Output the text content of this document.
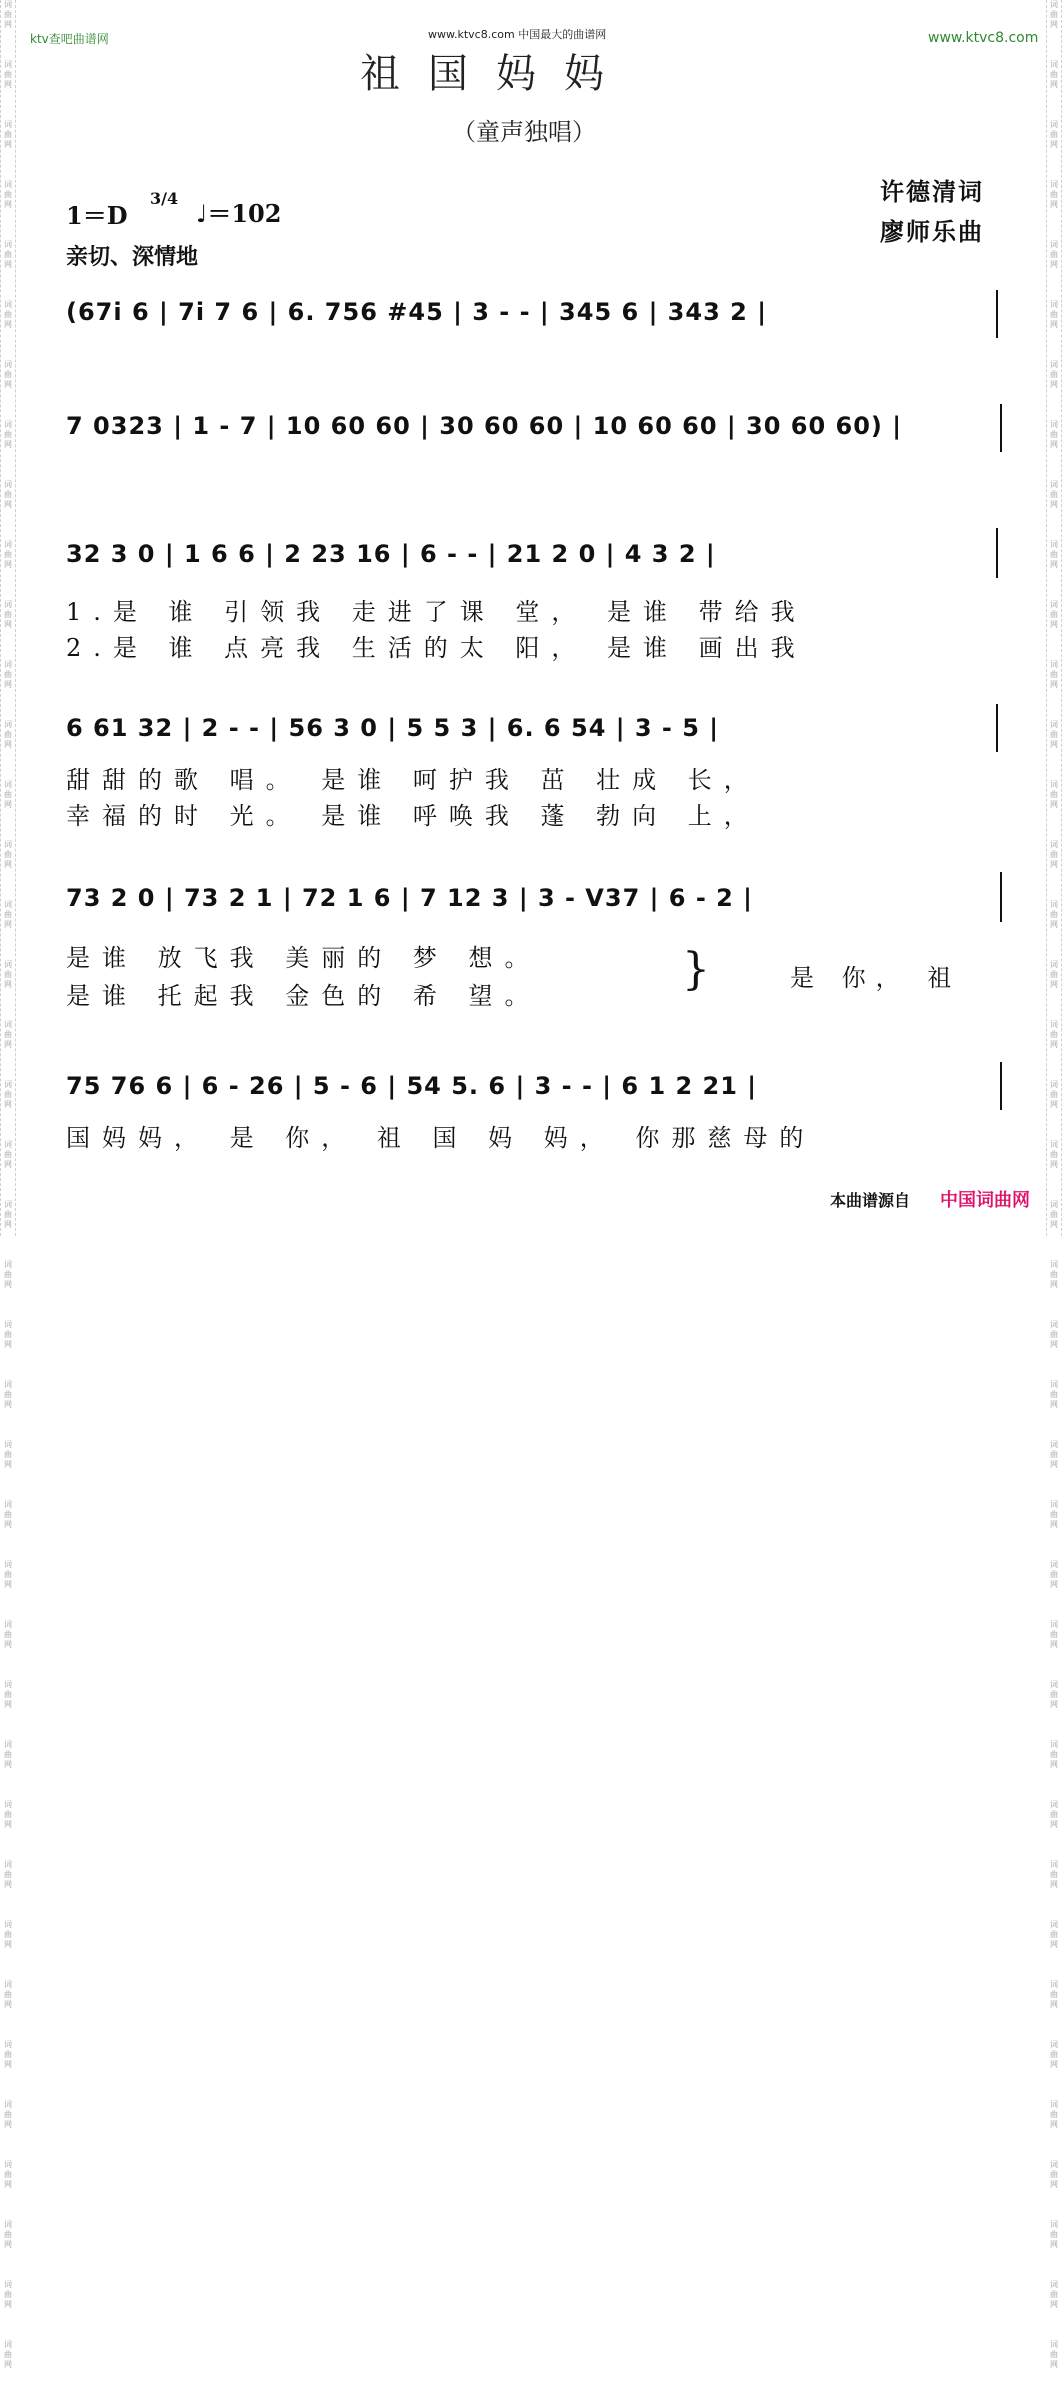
词
曲
网
词
曲
网
词
曲
网
词
曲
网
词
曲
网
词
曲
网
词
曲
网
词
曲
网
词
曲
网
词
曲
网
词
曲
网
词
曲
网
词
曲
网
词
曲
网
词
曲
网
词
曲
网
词
曲
网
词
曲
网
词
曲
网
词
曲
网
词
曲
网
词
曲
网
词
曲
网
词
曲
网
词
曲
网
词
曲
网
词
曲
网
词
曲
网
词
曲
网
词
曲
网
词
曲
网
词
曲
网
词
曲
网
词
曲
网
词
曲
网
词
曲
网
词
曲
网
词
曲
网
词
曲
网
词
曲
网
词
曲
网
词
曲
网
词
曲
网
词
曲
网
词
曲
网
词
曲
网
词
曲
网
词
曲
网
词
曲
网
词
曲
网
词
曲
网
词
曲
网
词
曲
网
词
曲
网
词
曲
网
词
曲
网
词
曲
网
词
曲
网
词
曲
网
词
曲
网
词
曲
网
词
曲
网
词
曲
网
词
曲
网
词
曲
网
词
曲
网
词
曲
网
词
曲
网
词
曲
网
词
曲
网
词
曲
网
词
曲
网
词
曲
网
词
曲
网
词
曲
网
词
曲
网
词
曲
网
词
曲
网
词
曲
网
词
曲
网
ktv查吧曲谱网	www.ktvc8.com 中国最大的曲谱网	www.ktvc8.com
祖国妈妈
（童声独唱）
1＝D
3/4
♩＝102
亲切、深情地
许德清词
廖师乐曲
(67i 6 | 7i 7 6 | 6. 756 #45 | 3 - - | 345 6 | 343 2 |
7 0323 | 1 - 7 | 10 60 60 | 30 60 60 | 10 60 60 | 30 60 60) |
32 3 0 | 1 6 6 | 2 23 16 | 6 - - | 21 2 0 | 4 3 2 |
1.是 谁 引领我 走进了课 堂， 是谁 带给我
2.是 谁 点亮我 生活的太 阳， 是谁 画出我
6 61 32 | 2 - - | 56 3 0 | 5 5 3 | 6. 6 54 | 3 - 5 |
甜甜的歌 唱。 是谁 呵护我 茁 壮成 长，
幸福的时 光。 是谁 呼唤我 蓬 勃向 上，
73 2 0 | 73 2 1 | 72 1 6 | 7 12 3 | 3 - V37 | 6 - 2 |
是谁 放飞我 美丽的 梦 想。
是谁 托起我 金色的 希 望。
}	是 你， 祖
75 76 6 | 6 - 26 | 5 - 6 | 54 5. 6 | 3 - - | 6 1 2 21 |
国妈妈， 是 你， 祖 国 妈 妈， 你那慈母的
本曲谱源自 中国词曲网
